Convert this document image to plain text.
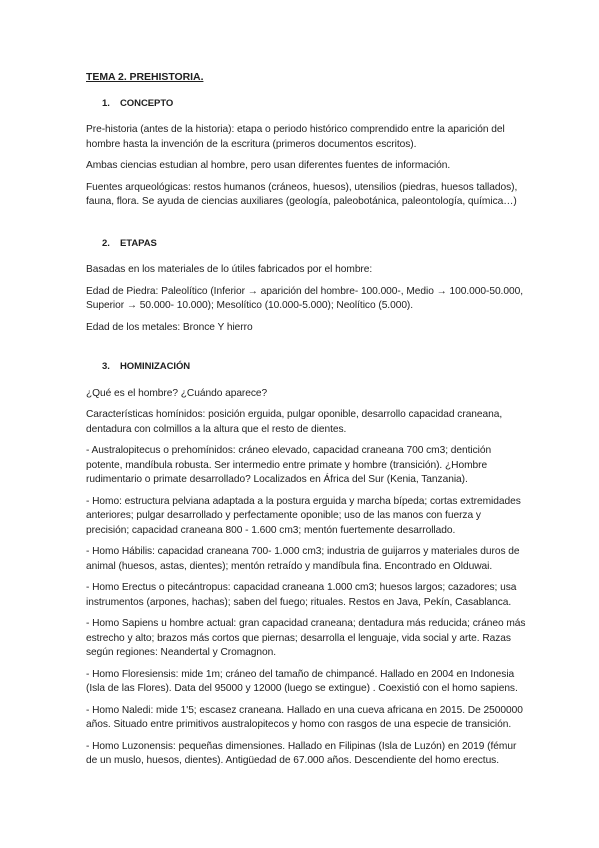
TEMA 2. PREHISTORIA.
1.	CONCEPTO

Pre-historia (antes de la historia): etapa o periodo histórico comprendido entre la aparición del hombre hasta la invención de la escritura (primeros documentos escritos).

Ambas ciencias estudian al hombre, pero usan diferentes fuentes de información.

Fuentes arqueológicas: restos humanos (cráneos, huesos), utensilios (piedras, huesos tallados), fauna, flora. Se ayuda de ciencias auxiliares (geología, paleobotánica, paleontología, química…)

2.	ETAPAS

Basadas en los materiales de lo útiles fabricados por el hombre:

Edad de Piedra: Paleolítico (Inferior → aparición del hombre- 100.000-, Medio → 100.000-50.000, Superior → 50.000- 10.000); Mesolítico (10.000-5.000); Neolítico (5.000).

Edad de los metales: Bronce Y hierro

3.	HOMINIZACIÓN

¿Qué es el hombre? ¿Cuándo aparece?

Características homínidos: posición erguida, pulgar oponible, desarrollo capacidad craneana, dentadura con colmillos a la altura que el resto de dientes.

- Australopitecus o prehomínidos: cráneo elevado, capacidad craneana 700 cm3; dentición potente, mandíbula robusta. Ser intermedio entre primate y hombre (transición). ¿Hombre rudimentario o primate desarrollado? Localizados en África del Sur (Kenia, Tanzania).

- Homo: estructura pelviana adaptada a la postura erguida y marcha bípeda; cortas extremidades anteriores; pulgar desarrollado y perfectamente oponible; uso de las manos con fuerza y precisión; capacidad craneana 800 - 1.600 cm3; mentón fuertemente desarrollado.

- Homo Hábilis: capacidad craneana 700- 1.000 cm3; industria de guijarros y materiales duros de animal (huesos, astas, dientes); mentón retraído y mandíbula fina. Encontrado en Olduwai.

- Homo Erectus o pitecántropus: capacidad craneana 1.000 cm3; huesos largos; cazadores; usa instrumentos (arpones, hachas); saben del fuego; rituales. Restos en Java, Pekín, Casablanca.

- Homo Sapiens u hombre actual: gran capacidad craneana; dentadura más reducida; cráneo más estrecho y alto; brazos más cortos que piernas; desarrolla el lenguaje, vida social y arte. Razas según regiones: Neandertal y Cromagnon.

- Homo Floresiensis: mide 1m; cráneo del tamaño de chimpancé. Hallado en 2004 en Indonesia (Isla de las Flores). Data del 95000 y 12000 (luego se extingue) . Coexistió con el homo sapiens.

- Homo Naledi: mide 1'5; escasez craneana. Hallado en una cueva africana en 2015. De 2500000 años. Situado entre primitivos australopitecos y homo con rasgos de una especie de transición.

- Homo Luzonensis: pequeñas dimensiones. Hallado en Filipinas (Isla de Luzón) en 2019 (fémur de un muslo, huesos, dientes). Antigüedad de 67.000 años. Descendiente del homo erectus.
